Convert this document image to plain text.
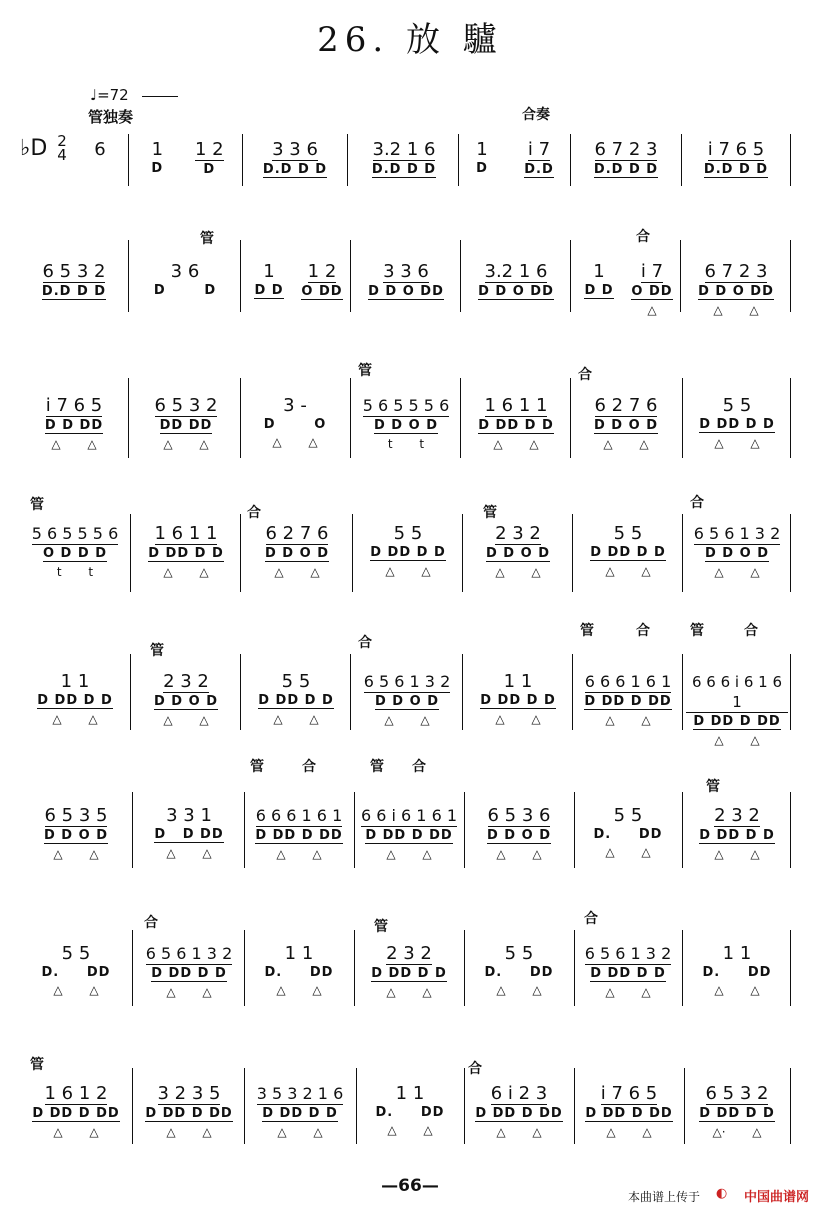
26. 放 驢
♩=72
管独奏
♭D 2
4
合奏
管	合
管	合
管	合	管
合
管	合
管	合	管	合
管	合	管 合
管
合	管	合
管	合
6	1
D
1 2
D
3 3 6
D.D D D
3.2 1 6
D.D D D
1
D
i 7
D.D
6 7 2 3
D.D D D
i 7 6 5
D.D D D
6 5 3 2
D.D D D
3 6
D       D
1
D D
1 2
O DD
3 3 6
D D O DD
3.2 1 6
D D O DD
1
D D
i 7
O DD
△
6 7 2 3
D D O DD
△       △
i 7 6 5
D D DD
△       △
6 5 3 2
DD DD
△       △
3 -
D       O
△       △
5 6 5 5 5 6
D D O D
t       t
1 6 1 1
D DD D D
△       △
6 2 7 6
D D O D
△       △
5 5
D DD D D
△       △
5 6 5 5 5 6
O D D D
t       t
1 6 1 1
D DD D D
△       △
6 2 7 6
D D O D
△       △
5 5
D DD D D
△       △
2 3 2
D D O D
△       △
5 5
D DD D D
△       △
6 5 6 1 3 2
D D O D
△       △
1 1
D DD D D
△       △
2 3 2
D D O D
△       △
5 5
D DD D D
△       △
6 5 6 1 3 2
D D O D
△       △
1 1
D DD D D
△       △
6 6 6 1 6 1
D DD D DD
△       △
6 6 6 i 6 1 6 1
D DD D DD
△       △
6 5 3 5
D D O D
△       △
3 3 1
D   D DD
△       △
6 6 6 1 6 1
D DD D DD
△       △
6 6 i 6 1 6 1
D DD D DD
△       △
6 5 3 6
D D O D
△       △
5 5
D.     DD
△       △
2 3 2
D DD D D
△       △
5 5
D.     DD
△       △
6 5 6 1 3 2
D DD D D
△       △
1 1
D.     DD
△       △
2 3 2
D DD D D
△       △
5 5
D.     DD
△       △
6 5 6 1 3 2
D DD D D
△       △
1 1
D.     DD
△       △
1 6 1 2
D DD D DD
△       △
3 2 3 5
D DD D DD
△       △
3 5 3 2 1 6
D DD D D
△       △
1 1
D.     DD
△       △
6 i 2 3
D DD D DD
△       △
i 7 6 5
D DD D DD
△       △
6 5 3 2
D DD D D
△·       △
—66—
本曲谱上传于 ◐	中国曲谱网
